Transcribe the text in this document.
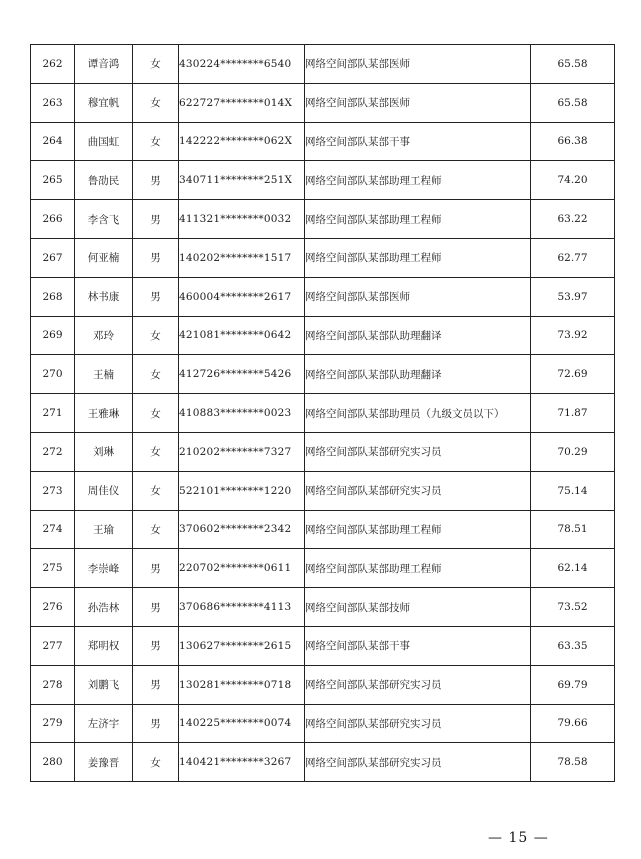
262	谭音鸿	女	430224********6540	网络空间部队某部医师	65.58
263	穆宜帆	女	622727********014X	网络空间部队某部医师	65.58
264	曲国虹	女	142222********062X	网络空间部队某部干事	66.38
265	鲁劭民	男	340711********251X	网络空间部队某部助理工程师	74.20
266	李含飞	男	411321********0032	网络空间部队某部助理工程师	63.22
267	何亚楠	男	140202********1517	网络空间部队某部助理工程师	62.77
268	林书康	男	460004********2617	网络空间部队某部医师	53.97
269	邓玲	女	421081********0642	网络空间部队某部队助理翻译	73.92
270	王楠	女	412726********5426	网络空间部队某部队助理翻译	72.69
271	王雅琳	女	410883********0023	网络空间部队某部助理员（九级文员以下）	71.87
272	刘琳	女	210202********7327	网络空间部队某部研究实习员	70.29
273	周佳仪	女	522101********1220	网络空间部队某部研究实习员	75.14
274	王瑜	女	370602********2342	网络空间部队某部助理工程师	78.51
275	李崇峰	男	220702********0611	网络空间部队某部助理工程师	62.14
276	孙浩林	男	370686********4113	网络空间部队某部技师	73.52
277	郑明权	男	130627********2615	网络空间部队某部干事	63.35
278	刘鹏飞	男	130281********0718	网络空间部队某部研究实习员	69.79
279	左济宇	男	140225********0074	网络空间部队某部研究实习员	79.66
280	姜豫晋	女	140421********3267	网络空间部队某部研究实习员	78.58
— 15 —
